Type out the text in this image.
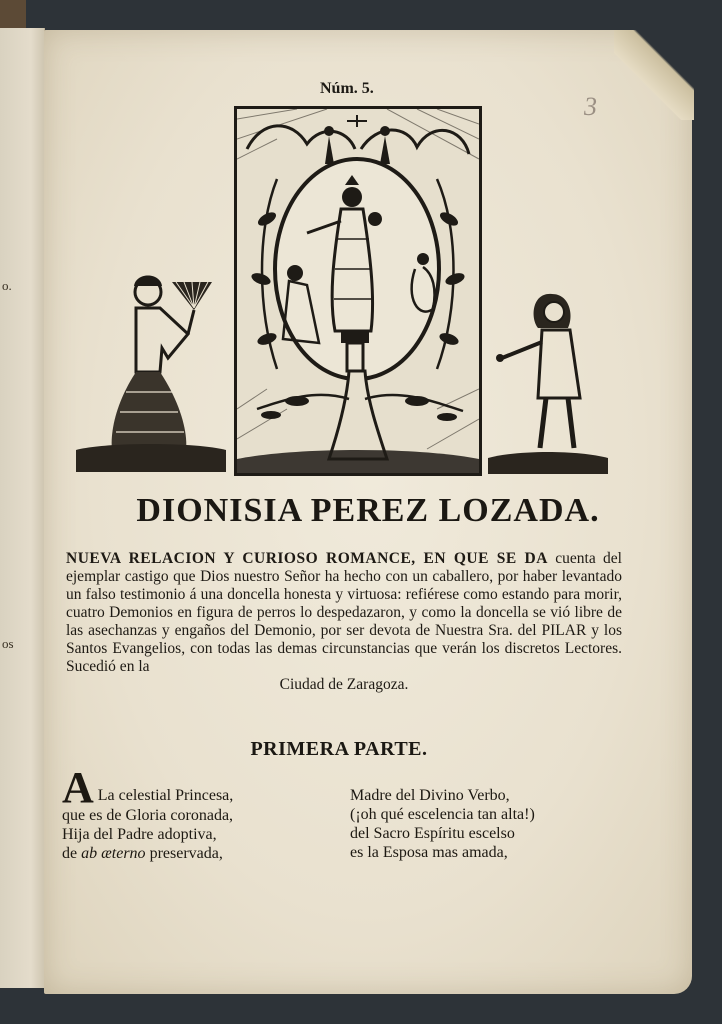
o.
os
Núm. 5.
3
DIONISIA PEREZ LOZADA.
NUEVA RELACION Y CURIOSO ROMANCE, EN QUE SE DA cuenta del ejemplar castigo que Dios nuestro Señor ha hecho con un caballero, por haber levantado un falso testimonio á una doncella honesta y virtuosa: refiérese como estando para morir, cuatro Demonios en figura de perros lo despedazaron, y como la doncella se vió libre de las asechanzas y engaños del Demonio, por ser devota de Nuestra Sra. del PILAR y los Santos Evangelios, con todas las demas circunstancias que verán los discretos Lectores. Sucedió en la
Ciudad de Zaragoza.
PRIMERA PARTE.
A La celestial Princesa,
que es de Gloria coronada,
Hija del Padre adoptiva,
de ab æterno preservada,
Madre del Divino Verbo,
(¡oh qué escelencia tan alta!)
del Sacro Espíritu escelso
es la Esposa mas amada,
